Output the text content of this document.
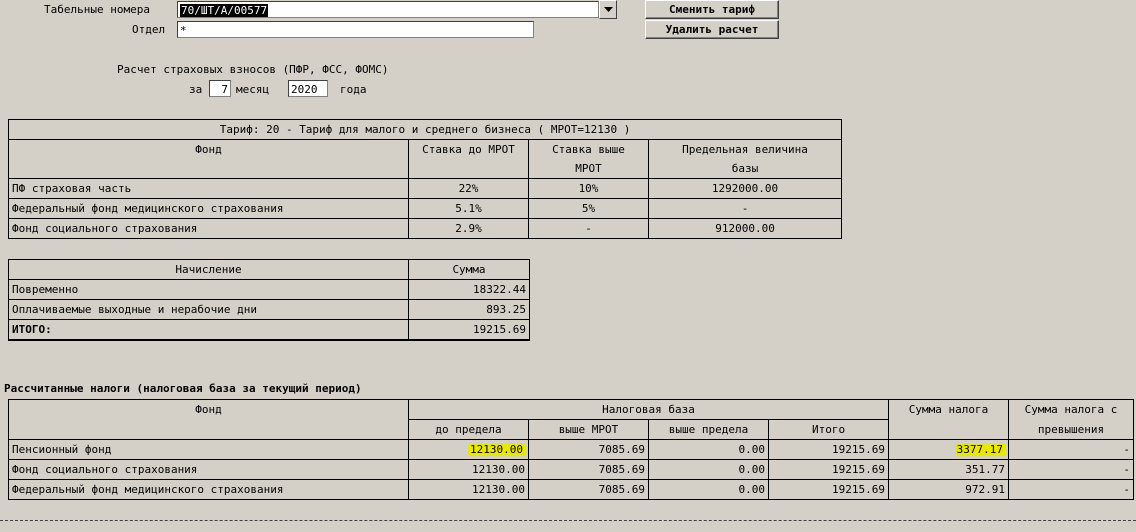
Табельные номера	70/ШТ/А/00577
Отдел *
Сменить тариф
Удалить расчет
Расчет страховых взносов (ПФР, ФСС, ФОМС)
за	7 месяц 2020	года
Тариф: 20 - Тариф для малого и среднего бизнеса ( МРОТ=12130 )			
Фонд	Ставка до МРОТ	Ставка выше	Предельная величина
		МРОТ	базы
ПФ страховая часть	22%	10%	1292000.00
Федеральный фонд медицинского страхования	5.1%	5%	-
Фонд социального страхования	2.9%	-	912000.00
Начисление	Сумма
Повременно	18322.44
Оплачиваемые выходные и нерабочие дни	893.25
ИТОГО:	19215.69
Рассчитанные налоги (налоговая база за текущий период)
Фонд	Налоговая база				Сумма налога	Сумма налога с
	до предела	выше МРОТ	выше предела	Итого		превышения
Пенсионный фонд	12130.00	7085.69	0.00	19215.69	3377.17	-
Фонд социального страхования	12130.00	7085.69	0.00	19215.69	351.77	-
Федеральный фонд медицинского страхования	12130.00	7085.69	0.00	19215.69	972.91	-
